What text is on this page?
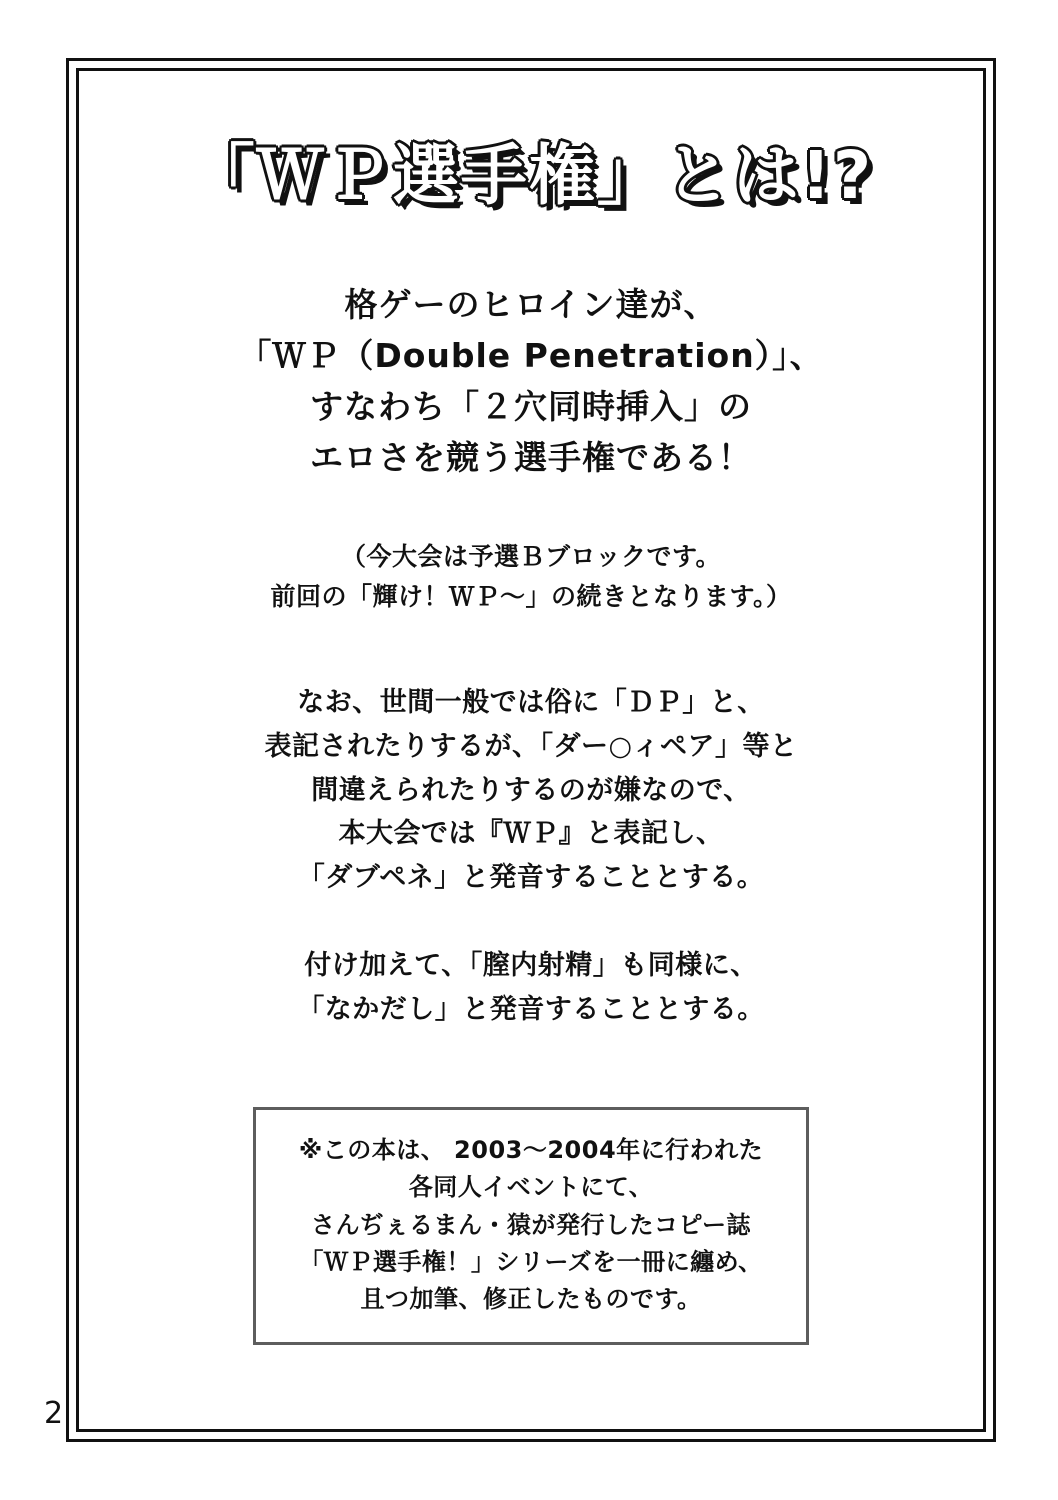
「ＷＰ選手権」とは!?
格ゲーのヒロイン達が、
「ＷＰ（Double Penetration）」、
すなわち「２穴同時挿入」の
エロさを競う選手権である！
（今大会は予選Ｂブロックです。
前回の「輝け！ＷＰ〜」の続きとなります。）
なお、世間一般では俗に「ＤＰ」と、
表記されたりするが、「ダー○ィペア」等と
間違えられたりするのが嫌なので、
本大会では『ＷＰ』と表記し、
「ダブペネ」と発音することとする。
付け加えて、「膣内射精」も同様に、
「なかだし」と発音することとする。
※この本は、 2003〜2004年に行われた
各同人イベントにて、
さんぢぇるまん・猿が発行したコピー誌
「ＷＰ選手権！」シリーズを一冊に纏め、
且つ加筆、修正したものです。
2
